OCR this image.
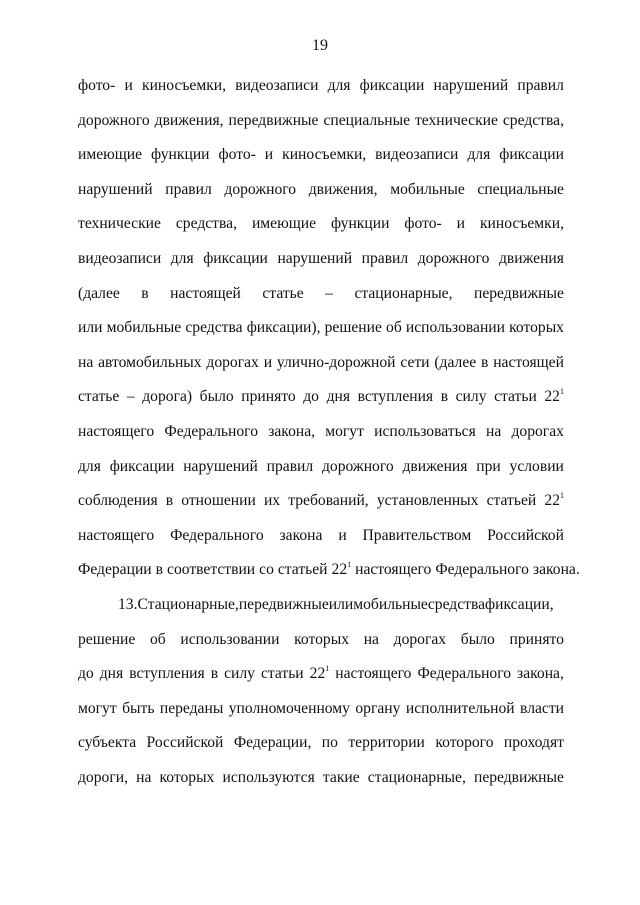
19
фото- и киносъемки, видеозаписи для фиксации нарушений правил
дорожного движения, передвижные специальные технические средства,
имеющие функции фото- и киносъемки, видеозаписи для фиксации
нарушений правил дорожного движения, мобильные специальные
технические средства, имеющие функции фото- и киносъемки,
видеозаписи для фиксации нарушений правил дорожного движения
(далее в настоящей статье – стационарные, передвижные
или мобильные средства фиксации), решение об использовании которых
на автомобильных дорогах и улично-дорожной сети (далее в настоящей
статье – дорога) было принято до дня вступления в силу статьи $22^1$
настоящего Федерального закона, могут использоваться на дорогах
для фиксации нарушений правил дорожного движения при условии
соблюдения в отношении их требований, установленных статьей $22^1$
настоящего Федерального закона и Правительством Российской
Федерации в соответствии со статьей $22^1$ настоящего Федерального закона.
13. Стационарные, передвижные или мобильные средства фиксации,
решение об использовании которых на дорогах было принято
до дня вступления в силу статьи $22^1$ настоящего Федерального закона,
могут быть переданы уполномоченному органу исполнительной власти
субъекта Российской Федерации, по территории которого проходят
дороги, на которых используются такие стационарные, передвижные
